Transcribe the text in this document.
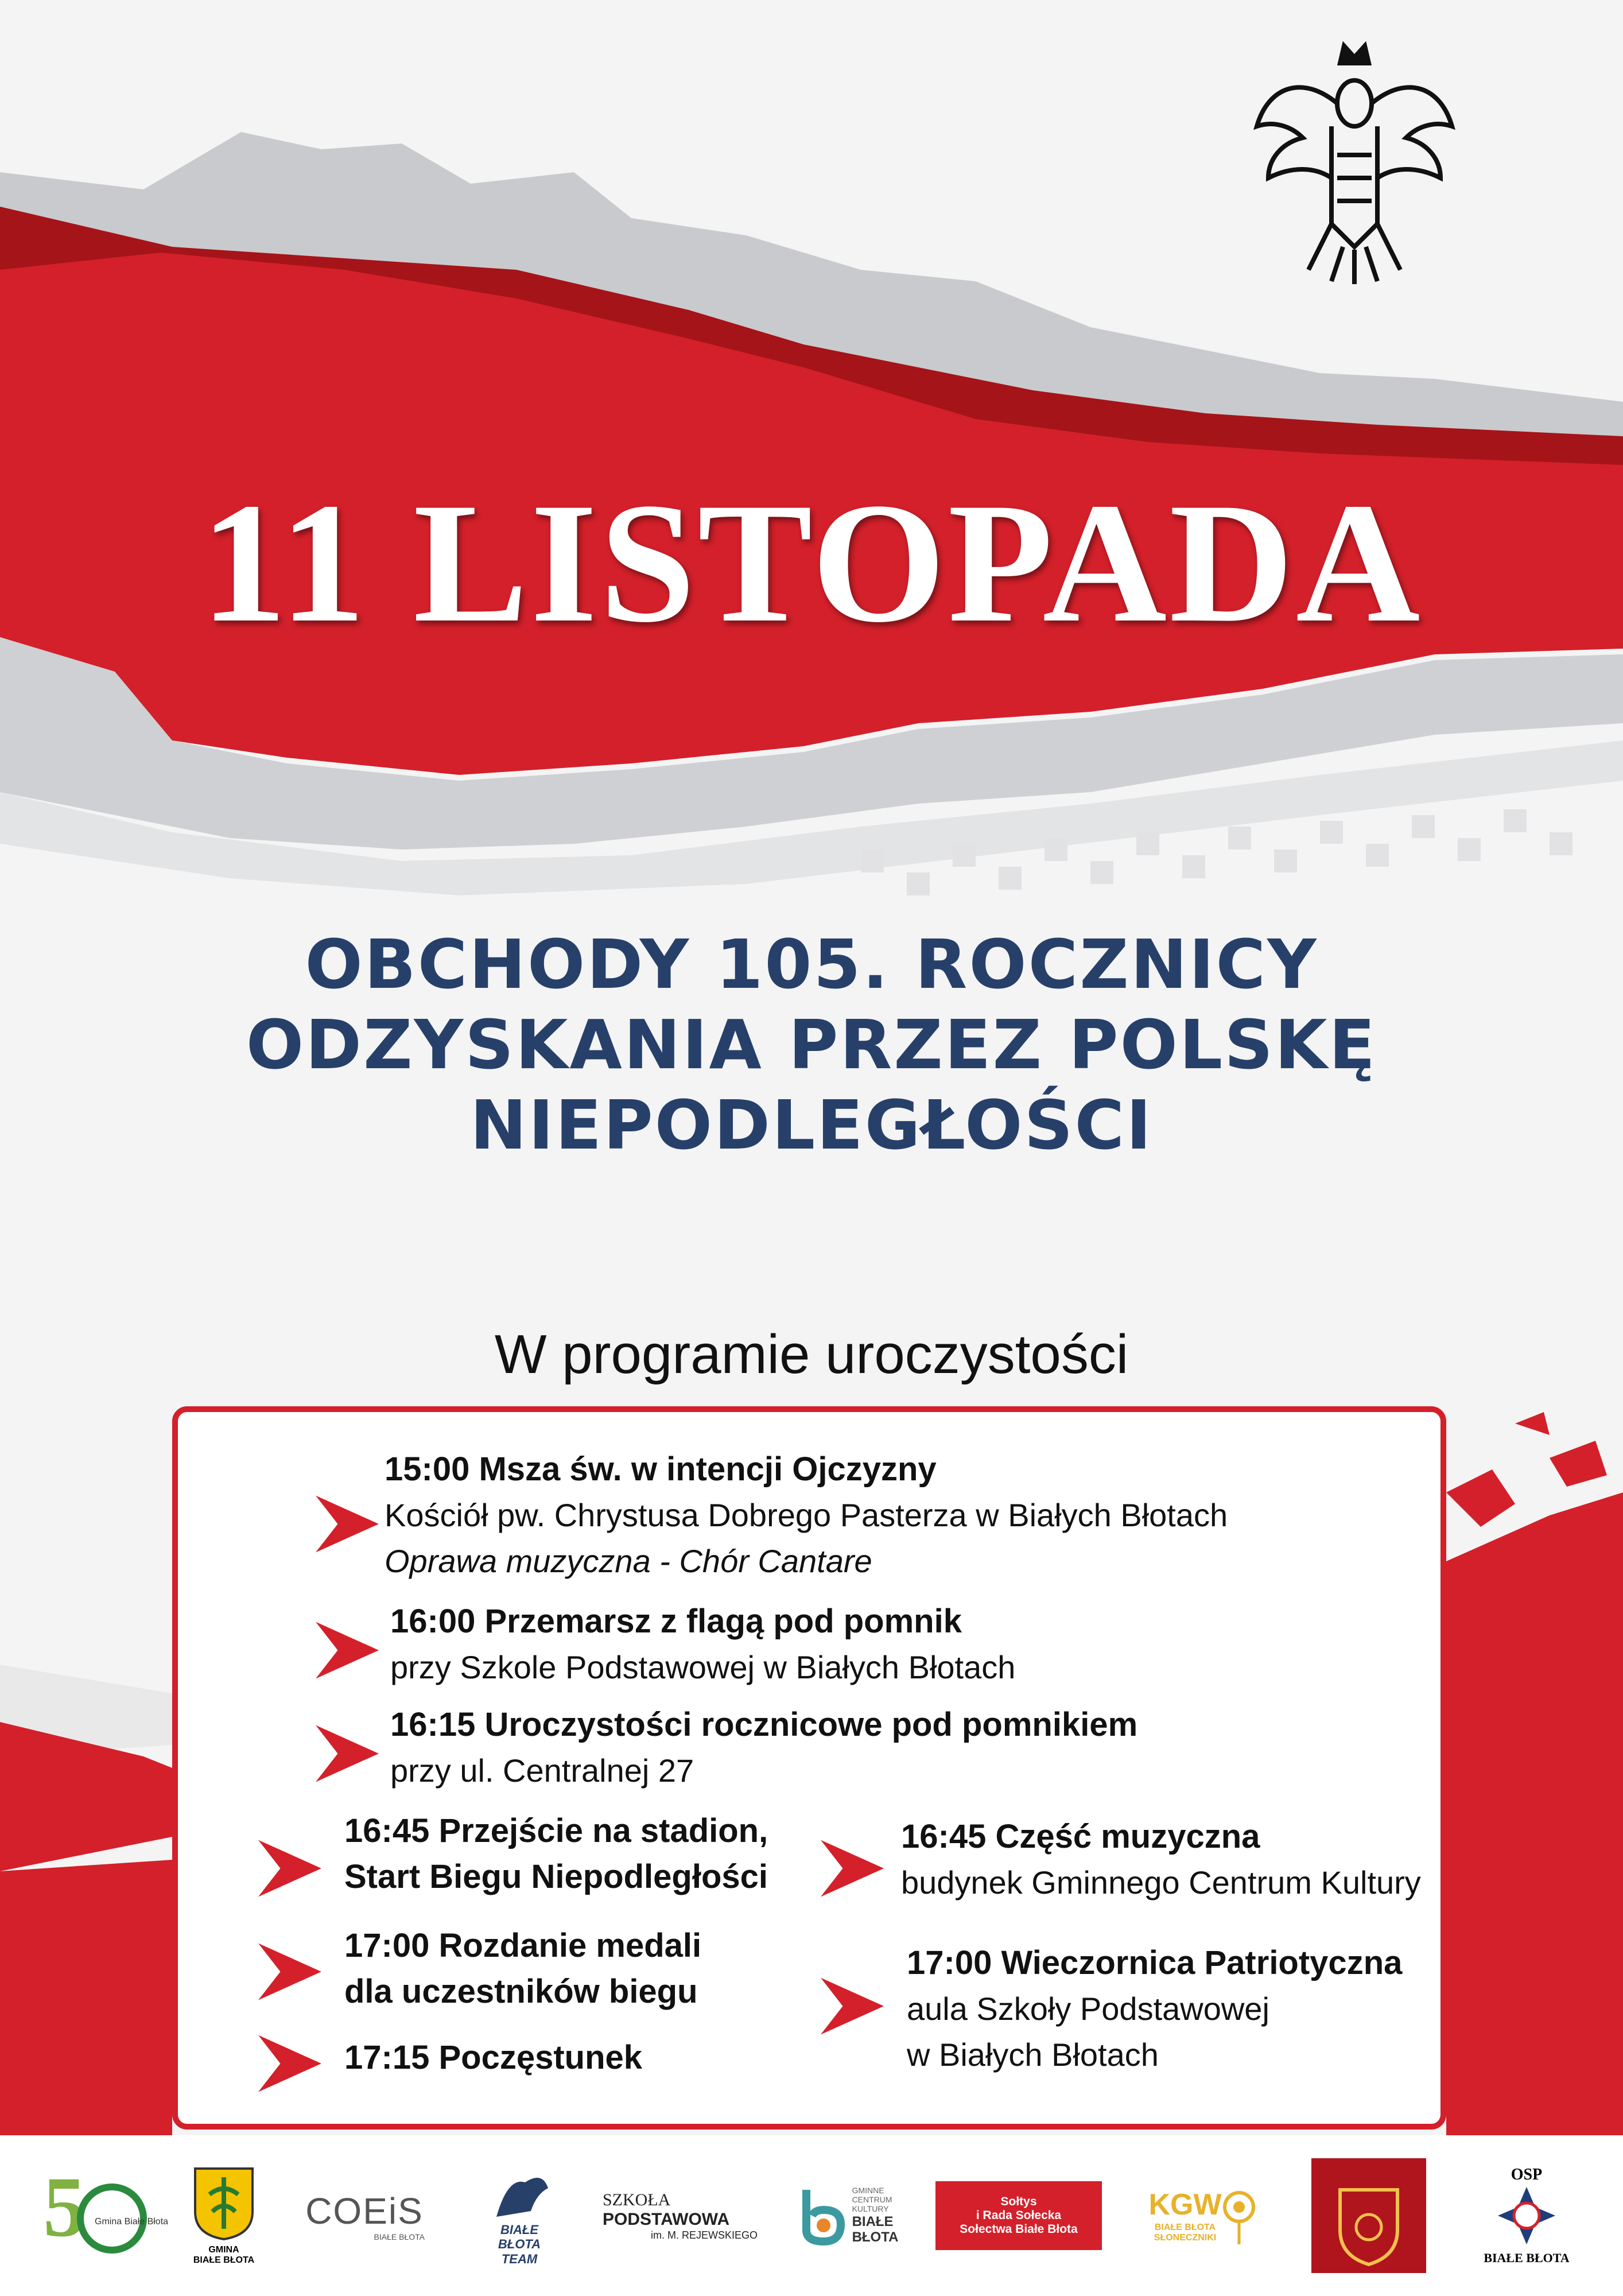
11 LISTOPADA
OBCHODY 105. ROCZNICY
ODZYSKANIA PRZEZ POLSKĘ
NIEPODLEGŁOŚCI
W programie uroczystości
15:00 Msza św. w intencji Ojczyzny
Kościół pw. Chrystusa Dobrego Pasterza w Białych Błotach
Oprawa muzyczna - Chór Cantare
16:00 Przemarsz z flagą pod pomnik
przy Szkole Podstawowej w Białych Błotach
16:15 Uroczystości rocznicowe pod pomnikiem
przy ul. Centralnej 27
16:45 Przejście na stadion,
Start Biegu Niepodległości
16:45 Część muzyczna
budynek Gminnego Centrum Kultury
17:00 Rozdanie medali
dla uczestników biegu
17:00 Wieczornica Patriotyczna
aula Szkoły Podstawowej
w Białych Błotach
17:15 Poczęstunek
5 Gmina Białe Błota
GMINA
BIAŁE BŁOTA
COEiS
BIAŁE BŁOTA	BIAŁE
BŁOTA
TEAM
SZKOŁA
PODSTAWOWA
im. M. REJEWSKIEGO
GMINNE
CENTRUM
KULTURY
BIAŁE
BŁOTA
Sołtys
i Rada Sołecka
Sołectwa Białe Błota
KGW
BIAŁE BŁOTA
SŁONECZNIKI
OSP
BIAŁE BŁOTA
